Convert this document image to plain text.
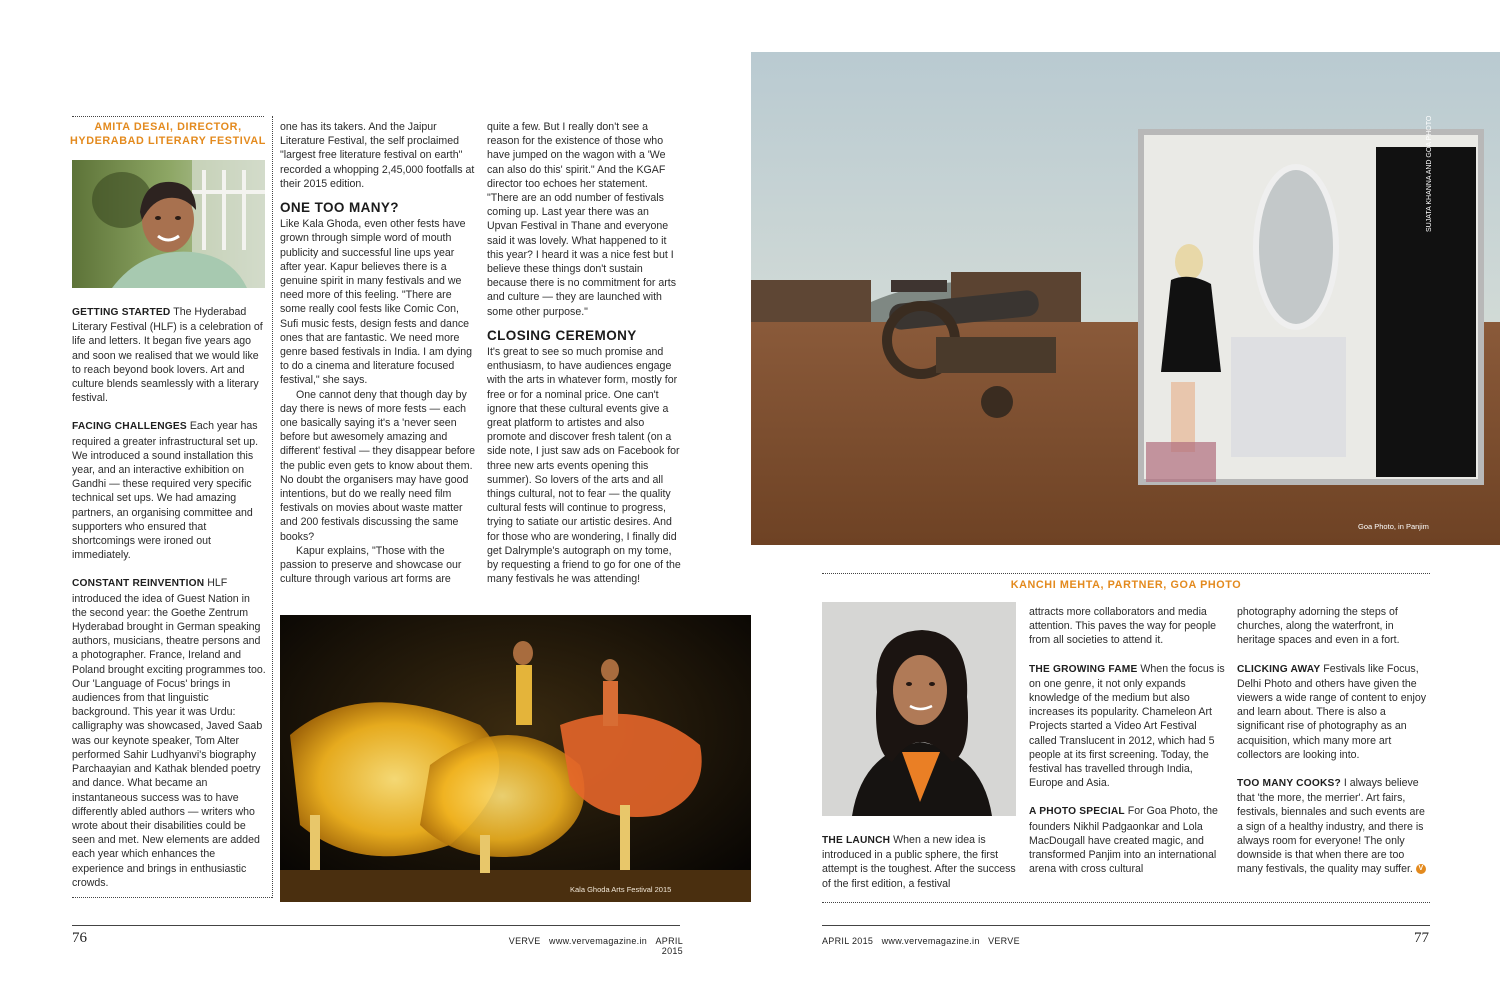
AMITA DESAI, DIRECTOR,
HYDERABAD LITERARY FESTIVAL

GETTING STARTED The Hyderabad Literary Festival (HLF) is a celebration of life and letters. It began five years ago and soon we realised that we would like to reach beyond book lovers. Art and culture blends seamlessly with a literary festival.

FACING CHALLENGES Each year has required a greater infrastructural set up. We introduced a sound installation this year, and an interactive exhibition on Gandhi — these required very specific technical set ups. We had amazing partners, an organising committee and supporters who ensured that shortcomings were ironed out immediately.

CONSTANT REINVENTION HLF introduced the idea of Guest Nation in the second year: the Goethe Zentrum Hyderabad brought in German speaking authors, musicians, theatre persons and a photographer. France, Ireland and Poland brought exciting programmes too. Our 'Language of Focus' brings in audiences from that linguistic background. This year it was Urdu: calligraphy was showcased, Javed Saab was our keynote speaker, Tom Alter performed Sahir Ludhyanvi's biography Parchaayian and Kathak blended poetry and dance. What became an instantaneous success was to have differently abled authors — writers who wrote about their disabilities could be seen and met. New elements are added each year which enhances the experience and brings in enthusiastic crowds.

one has its takers. And the Jaipur Literature Festival, the self proclaimed "largest free literature festival on earth" recorded a whopping 2,45,000 footfalls at their 2015 edition.

ONE TOO MANY?

Like Kala Ghoda, even other fests have grown through simple word of mouth publicity and successful line ups year after year. Kapur believes there is a genuine spirit in many festivals and we need more of this feeling. "There are some really cool fests like Comic Con, Sufi music fests, design fests and dance ones that are fantastic. We need more genre based festivals in India. I am dying to do a cinema and literature focused festival," she says.

One cannot deny that though day by day there is news of more fests — each one basically saying it's a 'never seen before but awesomely amazing and different' festival — they disappear before the public even gets to know about them. No doubt the organisers may have good intentions, but do we really need film festivals on movies about waste matter and 200 festivals discussing the same books?

Kapur explains, "Those with the passion to preserve and showcase our culture through various art forms are

quite a few. But I really don't see a reason for the existence of those who have jumped on the wagon with a 'We can also do this' spirit." And the KGAF director too echoes her statement. "There are an odd number of festivals coming up. Last year there was an Upvan Festival in Thane and everyone said it was lovely. What happened to it this year? I heard it was a nice fest but I believe these things don't sustain because there is no commitment for arts and culture — they are launched with some other purpose."

CLOSING CEREMONY

It's great to see so much promise and enthusiasm, to have audiences engage with the arts in whatever form, mostly for free or for a nominal price. One can't ignore that these cultural events give a great platform to artistes and also promote and discover fresh talent (on a side note, I just saw ads on Facebook for three new arts events opening this summer). So lovers of the arts and all things cultural, not to fear — the quality cultural fests will continue to progress, trying to satiate our artistic desires. And for those who are wondering, I finally did get Dalrymple's autograph on my tome, by requesting a friend to go for one of the many festivals he was attending!

Kala Ghoda Arts Festival 2015
76	VERVE www.vervemagazine.in APRIL 2015
SUJATA KHANNA AND GOA PHOTO
Goa Photo, in Panjim
KANCHI MEHTA, PARTNER, GOA PHOTO

THE LAUNCH When a new idea is introduced in a public sphere, the first attempt is the toughest. After the success of the first edition, a festival

attracts more collaborators and media attention. This paves the way for people from all societies to attend it.

THE GROWING FAME When the focus is on one genre, it not only expands knowledge of the medium but also increases its popularity. Chameleon Art Projects started a Video Art Festival called Translucent in 2012, which had 5 people at its first screening. Today, the festival has travelled through India, Europe and Asia.

A PHOTO SPECIAL For Goa Photo, the founders Nikhil Padgaonkar and Lola MacDougall have created magic, and transformed Panjim into an international arena with cross cultural

photography adorning the steps of churches, along the waterfront, in heritage spaces and even in a fort.

CLICKING AWAY Festivals like Focus, Delhi Photo and others have given the viewers a wide range of content to enjoy and learn about. There is also a significant rise of photography as an acquisition, which many more art collectors are looking into.

TOO MANY COOKS? I always believe that 'the more, the merrier'. Art fairs, festivals, biennales and such events are a sign of a healthy industry, and there is always room for everyone! The only downside is that when there are too many festivals, the quality may suffer. V

APRIL 2015 www.vervemagazine.in VERVE	77
